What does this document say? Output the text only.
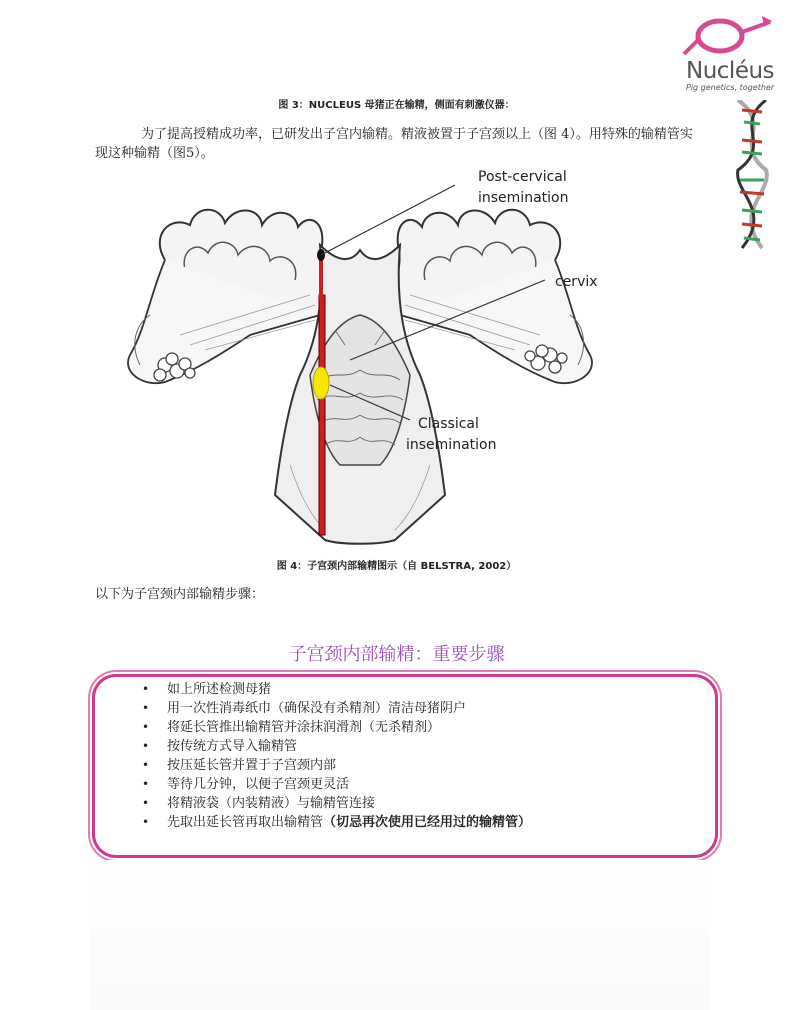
Nucléus
Pig genetics, together
图 3：NUCLEUS 母猪正在输精，侧面有刺激仪器：
为了提高授精成功率，已研发出子宫内输精。精液被置于子宫颈以上（图 4）。用特殊的输精管实现这种输精（图5）。
Post-cervical
insemination
cervix
Classical
insemination
图 4：子宫颈内部输精图示（自 BELSTRA, 2002）
以下为子宫颈内部输精步骤：
子宫颈内部输精：重要步骤
• 如上所述检测母猪
• 用一次性消毒纸巾（确保没有杀精剂）清洁母猪阴户
• 将延长管推出输精管并涂抹润滑剂（无杀精剂）
• 按传统方式导入输精管
• 按压延长管并置于子宫颈内部
• 等待几分钟，以便子宫颈更灵活
• 将精液袋（内装精液）与输精管连接
• 先取出延长管再取出输精管（切忌再次使用已经用过的输精管）
